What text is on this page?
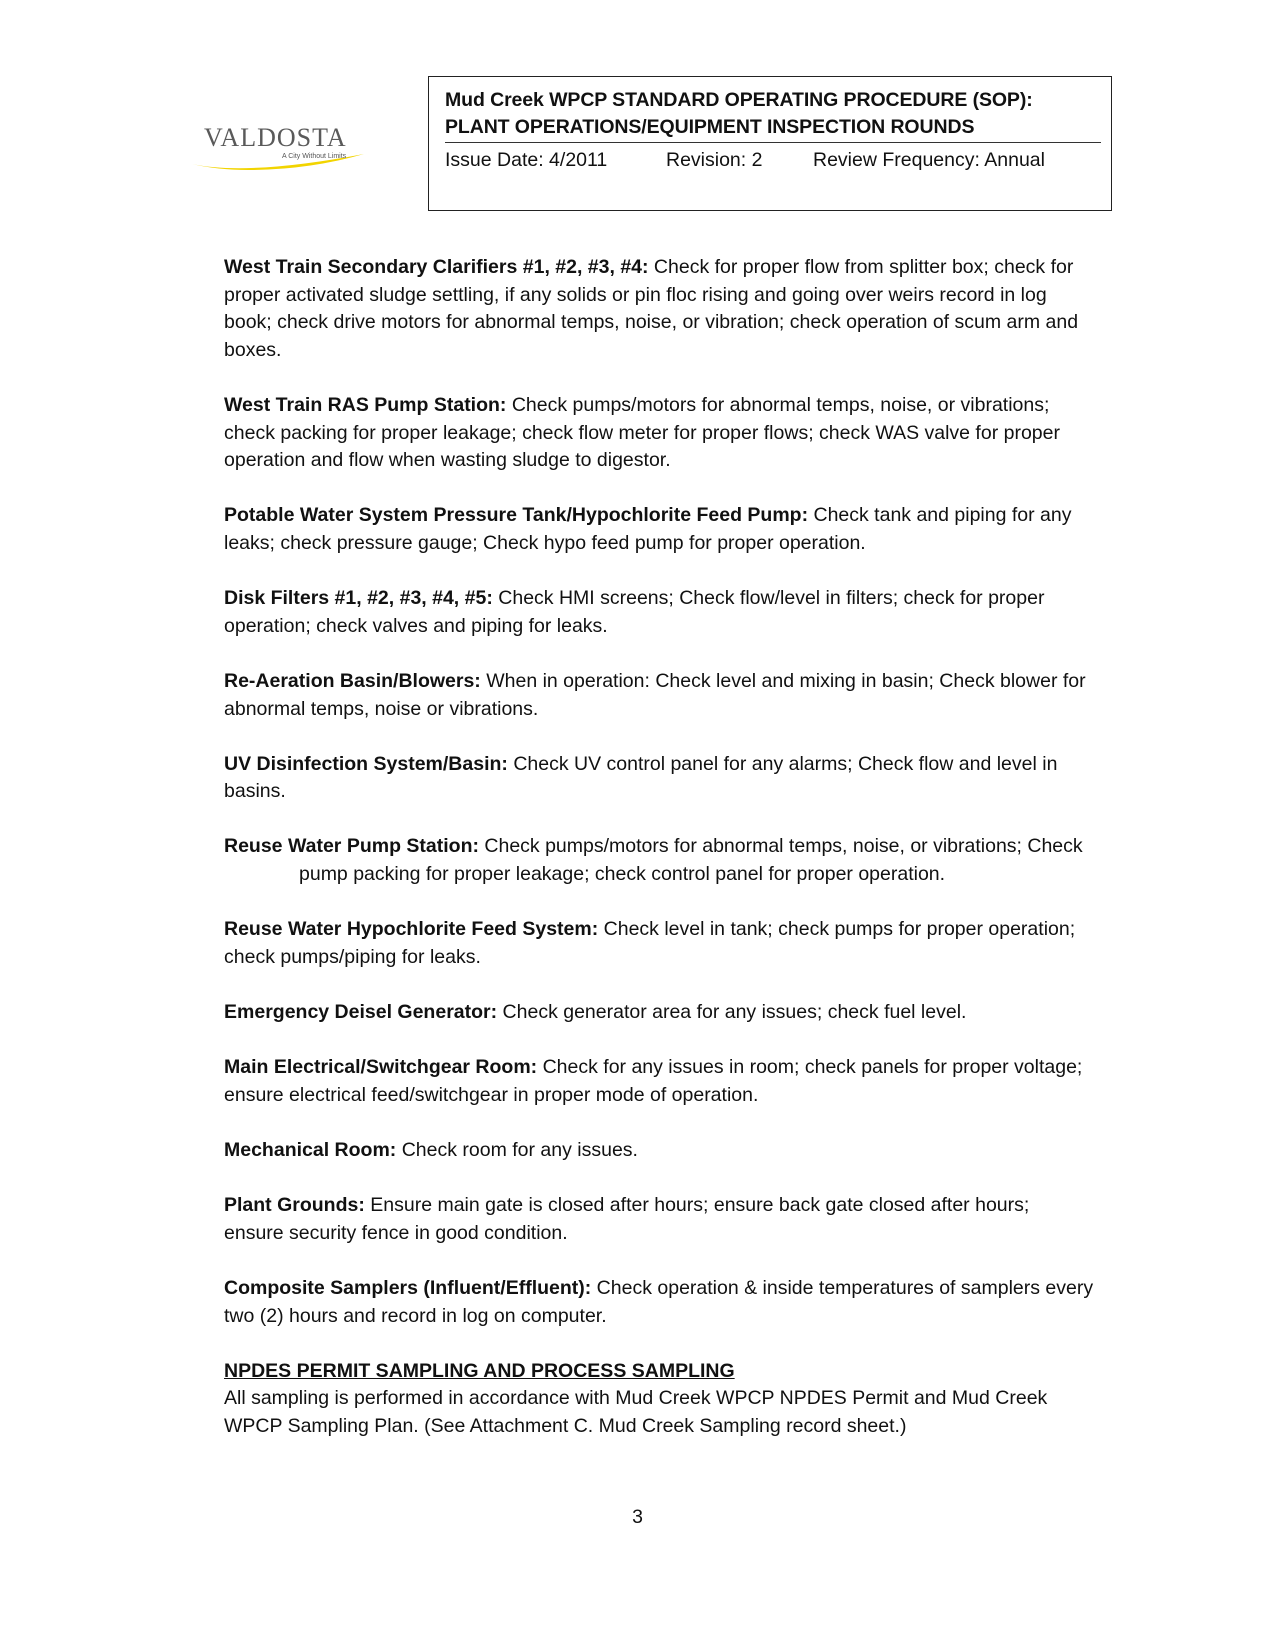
VALDOSTA
A City Without Limits
Mud Creek WPCP STANDARD OPERATING PROCEDURE (SOP):
PLANT OPERATIONS/EQUIPMENT INSPECTION ROUNDS
Issue Date: 4/2011	Revision: 2	Review Frequency: Annual

West Train Secondary Clarifiers #1, #2, #3, #4: Check for proper flow from splitter box; check for proper activated sludge settling, if any solids or pin floc rising and going over weirs record in log book; check drive motors for abnormal temps, noise, or vibration; check operation of scum arm and boxes.

West Train RAS Pump Station: Check pumps/motors for abnormal temps, noise, or vibrations; check packing for proper leakage; check flow meter for proper flows; check WAS valve for proper operation and flow when wasting sludge to digestor.

Potable Water System Pressure Tank/Hypochlorite Feed Pump: Check tank and piping for any leaks; check pressure gauge; Check hypo feed pump for proper operation.

Disk Filters #1, #2, #3, #4, #5: Check HMI screens; Check flow/level in filters; check for proper operation; check valves and piping for leaks.

Re-Aeration Basin/Blowers: When in operation: Check level and mixing in basin; Check blower for abnormal temps, noise or vibrations.

UV Disinfection System/Basin: Check UV control panel for any alarms; Check flow and level in basins.

Reuse Water Pump Station: Check pumps/motors for abnormal temps, noise, or vibrations; Check pump packing for proper leakage; check control panel for proper operation.

Reuse Water Hypochlorite Feed System: Check level in tank; check pumps for proper operation; check pumps/piping for leaks.

Emergency Deisel Generator: Check generator area for any issues; check fuel level.

Main Electrical/Switchgear Room: Check for any issues in room; check panels for proper voltage; ensure electrical feed/switchgear in proper mode of operation.

Mechanical Room: Check room for any issues.

Plant Grounds: Ensure main gate is closed after hours; ensure back gate closed after hours; ensure security fence in good condition.

Composite Samplers (Influent/Effluent): Check operation & inside temperatures of samplers every two (2) hours and record in log on computer.

NPDES PERMIT SAMPLING AND PROCESS SAMPLING
All sampling is performed in accordance with Mud Creek WPCP NPDES Permit and Mud Creek WPCP Sampling Plan. (See Attachment C. Mud Creek Sampling record sheet.)
3
